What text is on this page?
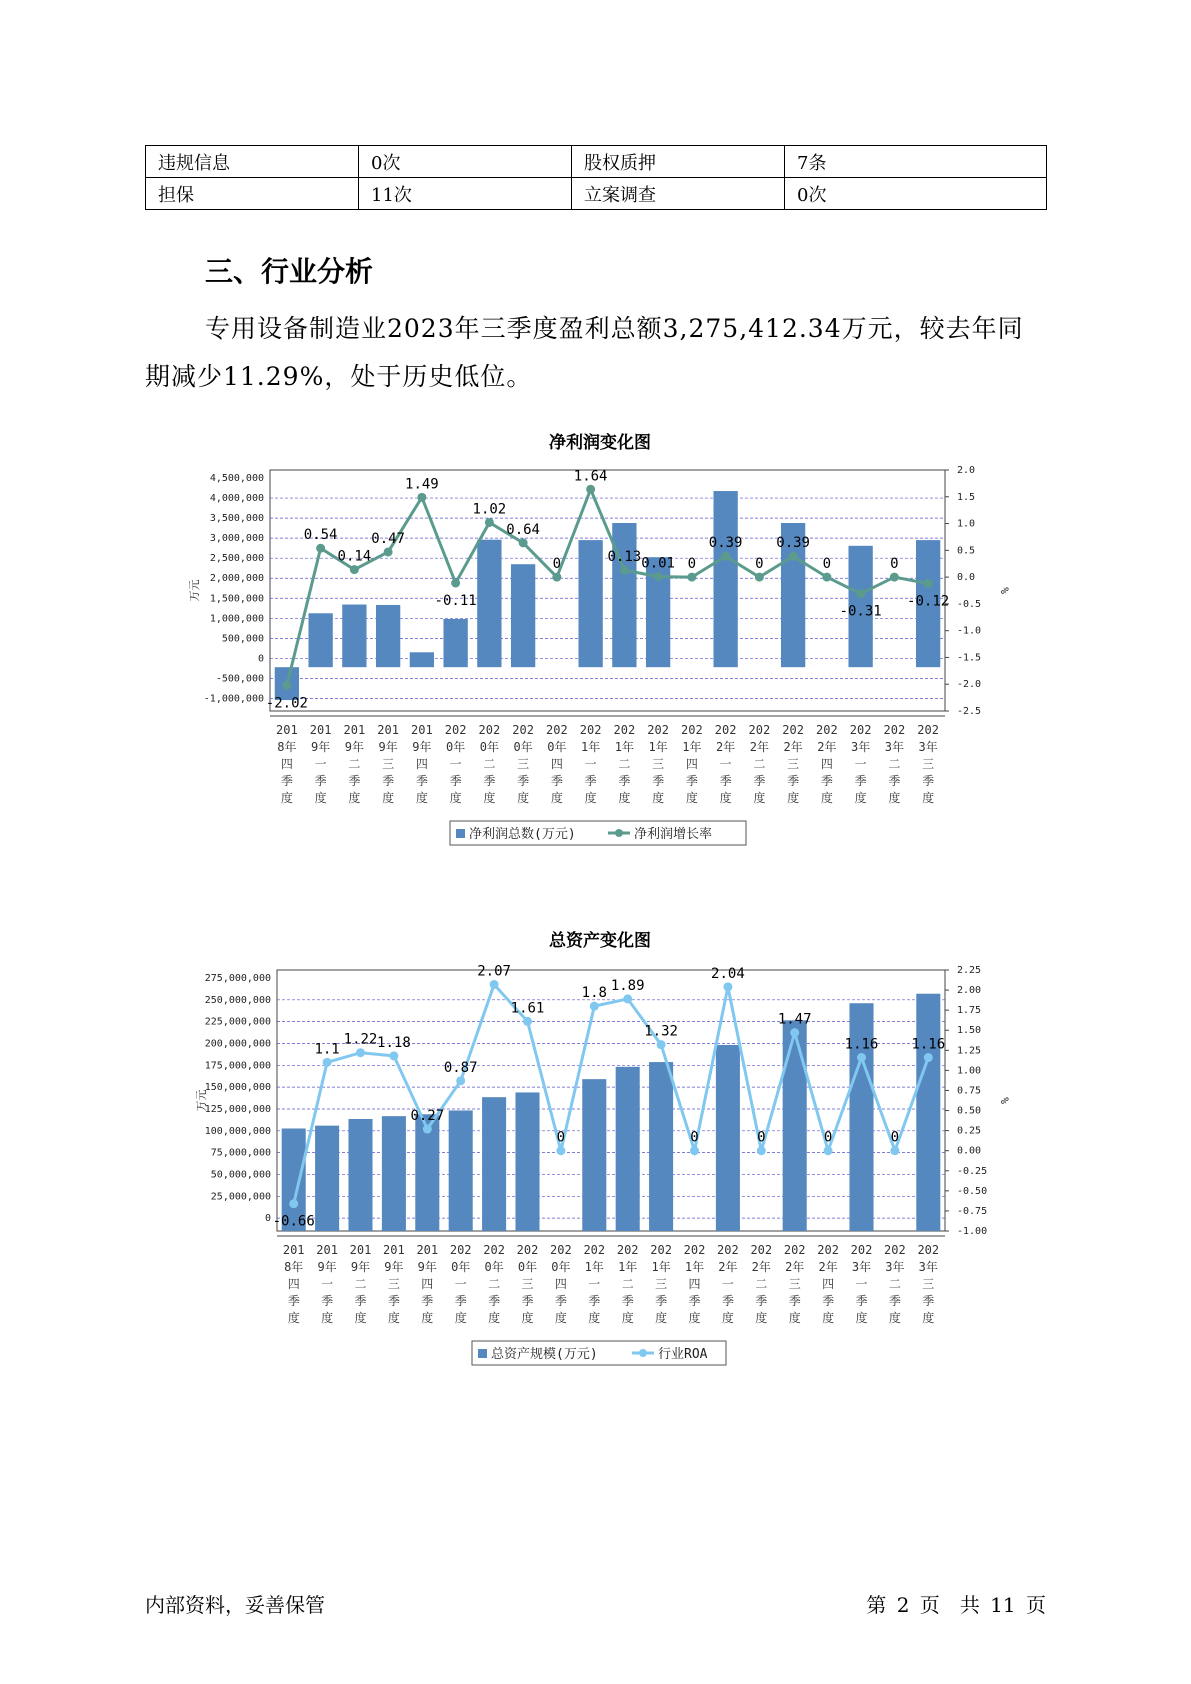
违规信息	0次	股权质押	7条
担保	11次	立案调查	0次
三、行业分析
专用设备制造业2023年三季度盈利总额3,275,412.34万元，较去年同期减少11.29%，处于历史低位。
净利润变化图
4,500,000
4,000,000
3,500,000
3,000,000
2,500,000
2,000,000
1,500,000
1,000,000
500,000
0
-500,000
-1,000,000
2.0
1.5
1.0
0.5
0.0
-0.5
-1.0
-1.5
-2.0
-2.5
万元	%
-2.02
0.54
0.14
0.47
1.49
-0.11
1.02
0.64
0
1.64
0.13 0.01 0
0.39
0
0.39
0
-0.31
0
-0.12
201 8年四季度
201 9年一季度
201 9年二季度
201 9年三季度
201 9年四季度
202 0年一季度
202 0年二季度
202 0年三季度
202 0年四季度
202 1年一季度
202 1年二季度
202 1年三季度
202 1年四季度
202 2年一季度
202 2年二季度
202 2年三季度
202 2年四季度
202 3年一季度
202 3年二季度
202 3年三季度
净利润总数(万元)	净利润增长率
总资产变化图
275,000,000
250,000,000
225,000,000
200,000,000
175,000,000
150,000,000
125,000,000
100,000,000
75,000,000
50,000,000
25,000,000
0
2.25
2.00
1.75
1.50
1.25
1.00
0.75
0.50
0.25
0.00
-0.25
-0.50
-0.75
-1.00
万元	%
-0.66
1.1
1.22 1.18
0.27
0.87
2.07
1.61
0
1.8 1.89
1.32
0
2.04
0
1.47
0
1.16
0
1.16
201 8年四季度
201 9年一季度
201 9年二季度
201 9年三季度
201 9年四季度
202 0年一季度
202 0年二季度
202 0年三季度
202 0年四季度
202 1年一季度
202 1年二季度
202 1年三季度
202 1年四季度
202 2年一季度
202 2年二季度
202 2年三季度
202 2年四季度
202 3年一季度
202 3年二季度
202 3年三季度
总资产规模(万元)	行业ROA
内部资料，妥善保管	第 2 页　共 11 页
